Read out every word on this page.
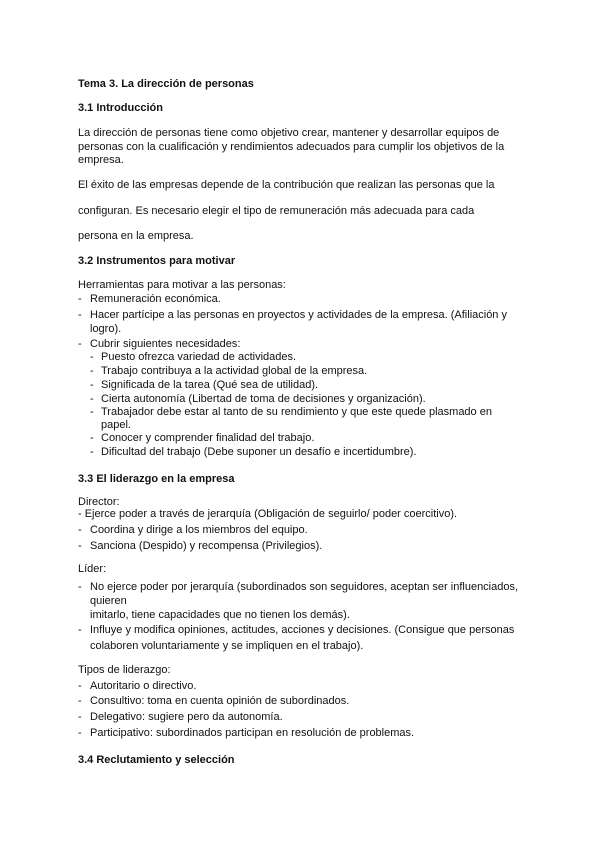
Tema 3. La dirección de personas
3.1 Introducción
La dirección de personas tiene como objetivo crear, mantener y desarrollar equipos de
personas con la cualificación y rendimientos adecuados para cumplir los objetivos de la
empresa.
El éxito de las empresas depende de la contribución que realizan las personas que la
configuran. Es necesario elegir el tipo de remuneración más adecuada para cada
persona en la empresa.
3.2 Instrumentos para motivar
Herramientas para motivar a las personas:
- Remuneración económica.
- Hacer partícipe a las personas en proyectos y actividades de la empresa. (Afiliación y
logro).
- Cubrir siguientes necesidades:
- Puesto ofrezca variedad de actividades.
- Trabajo contribuya a la actividad global de la empresa.
- Significada de la tarea (Qué sea de utilidad).
- Cierta autonomía (Libertad de toma de decisiones y organización).
- Trabajador debe estar al tanto de su rendimiento y que este quede plasmado en
papel.
- Conocer y comprender finalidad del trabajo.
- Dificultad del trabajo (Debe suponer un desafío e incertidumbre).
3.3 El liderazgo en la empresa
Director:
- Ejerce poder a través de jerarquía (Obligación de seguirlo/ poder coercitivo).
- Coordina y dirige a los miembros del equipo.
- Sanciona (Despido) y recompensa (Privilegios).
Líder:
- No ejerce poder por jerarquía (subordinados son seguidores, aceptan ser influenciados,
quieren
imitarlo, tiene capacidades que no tienen los demás).
- Influye y modifica opiniones, actitudes, acciones y decisiones. (Consigue que personas
colaboren voluntariamente y se impliquen en el trabajo).
Tipos de liderazgo:
- Autoritario o directivo.
- Consultivo: toma en cuenta opinión de subordinados.
- Delegativo: sugiere pero da autonomía.
- Participativo: subordinados participan en resolución de problemas.
3.4 Reclutamiento y selección
